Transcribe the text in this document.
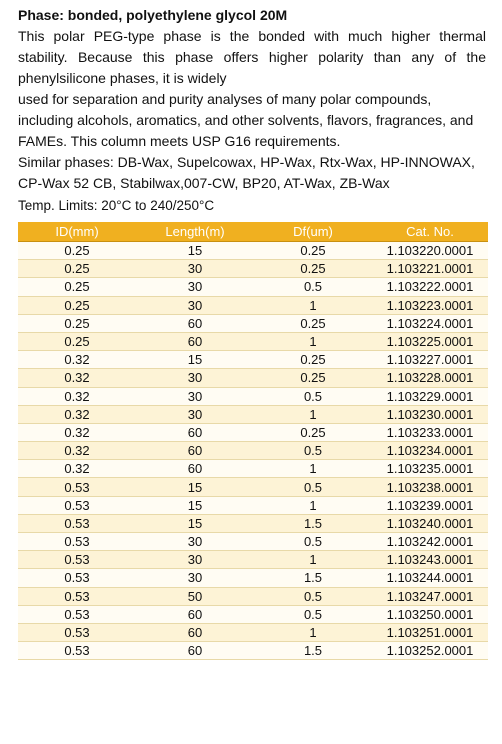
Phase: bonded, polyethylene glycol 20M

This polar PEG-type phase is the bonded with much higher thermal stability. Because this phase offers higher polarity than any of the phenylsilicone phases, it is widely

used for separation and purity analyses of many polar compounds, including alcohols, aromatics, and other solvents, flavors, fragrances, and FAMEs. This column meets USP G16 requirements.

Similar phases: DB-Wax, Supelcowax, HP-Wax, Rtx-Wax, HP-INNOWAX, CP-Wax 52 CB, Stabilwax,007-CW, BP20, AT-Wax, ZB-Wax

Temp. Limits: 20°C to 240/250°C

ID(mm)	Length(m)	Df(um)	Cat. No.
0.25	15	0.25	1.103220.0001
0.25	30	0.25	1.103221.0001
0.25	30	0.5	1.103222.0001
0.25	30	1	1.103223.0001
0.25	60	0.25	1.103224.0001
0.25	60	1	1.103225.0001
0.32	15	0.25	1.103227.0001
0.32	30	0.25	1.103228.0001
0.32	30	0.5	1.103229.0001
0.32	30	1	1.103230.0001
0.32	60	0.25	1.103233.0001
0.32	60	0.5	1.103234.0001
0.32	60	1	1.103235.0001
0.53	15	0.5	1.103238.0001
0.53	15	1	1.103239.0001
0.53	15	1.5	1.103240.0001
0.53	30	0.5	1.103242.0001
0.53	30	1	1.103243.0001
0.53	30	1.5	1.103244.0001
0.53	50	0.5	1.103247.0001
0.53	60	0.5	1.103250.0001
0.53	60	1	1.103251.0001
0.53	60	1.5	1.103252.0001
